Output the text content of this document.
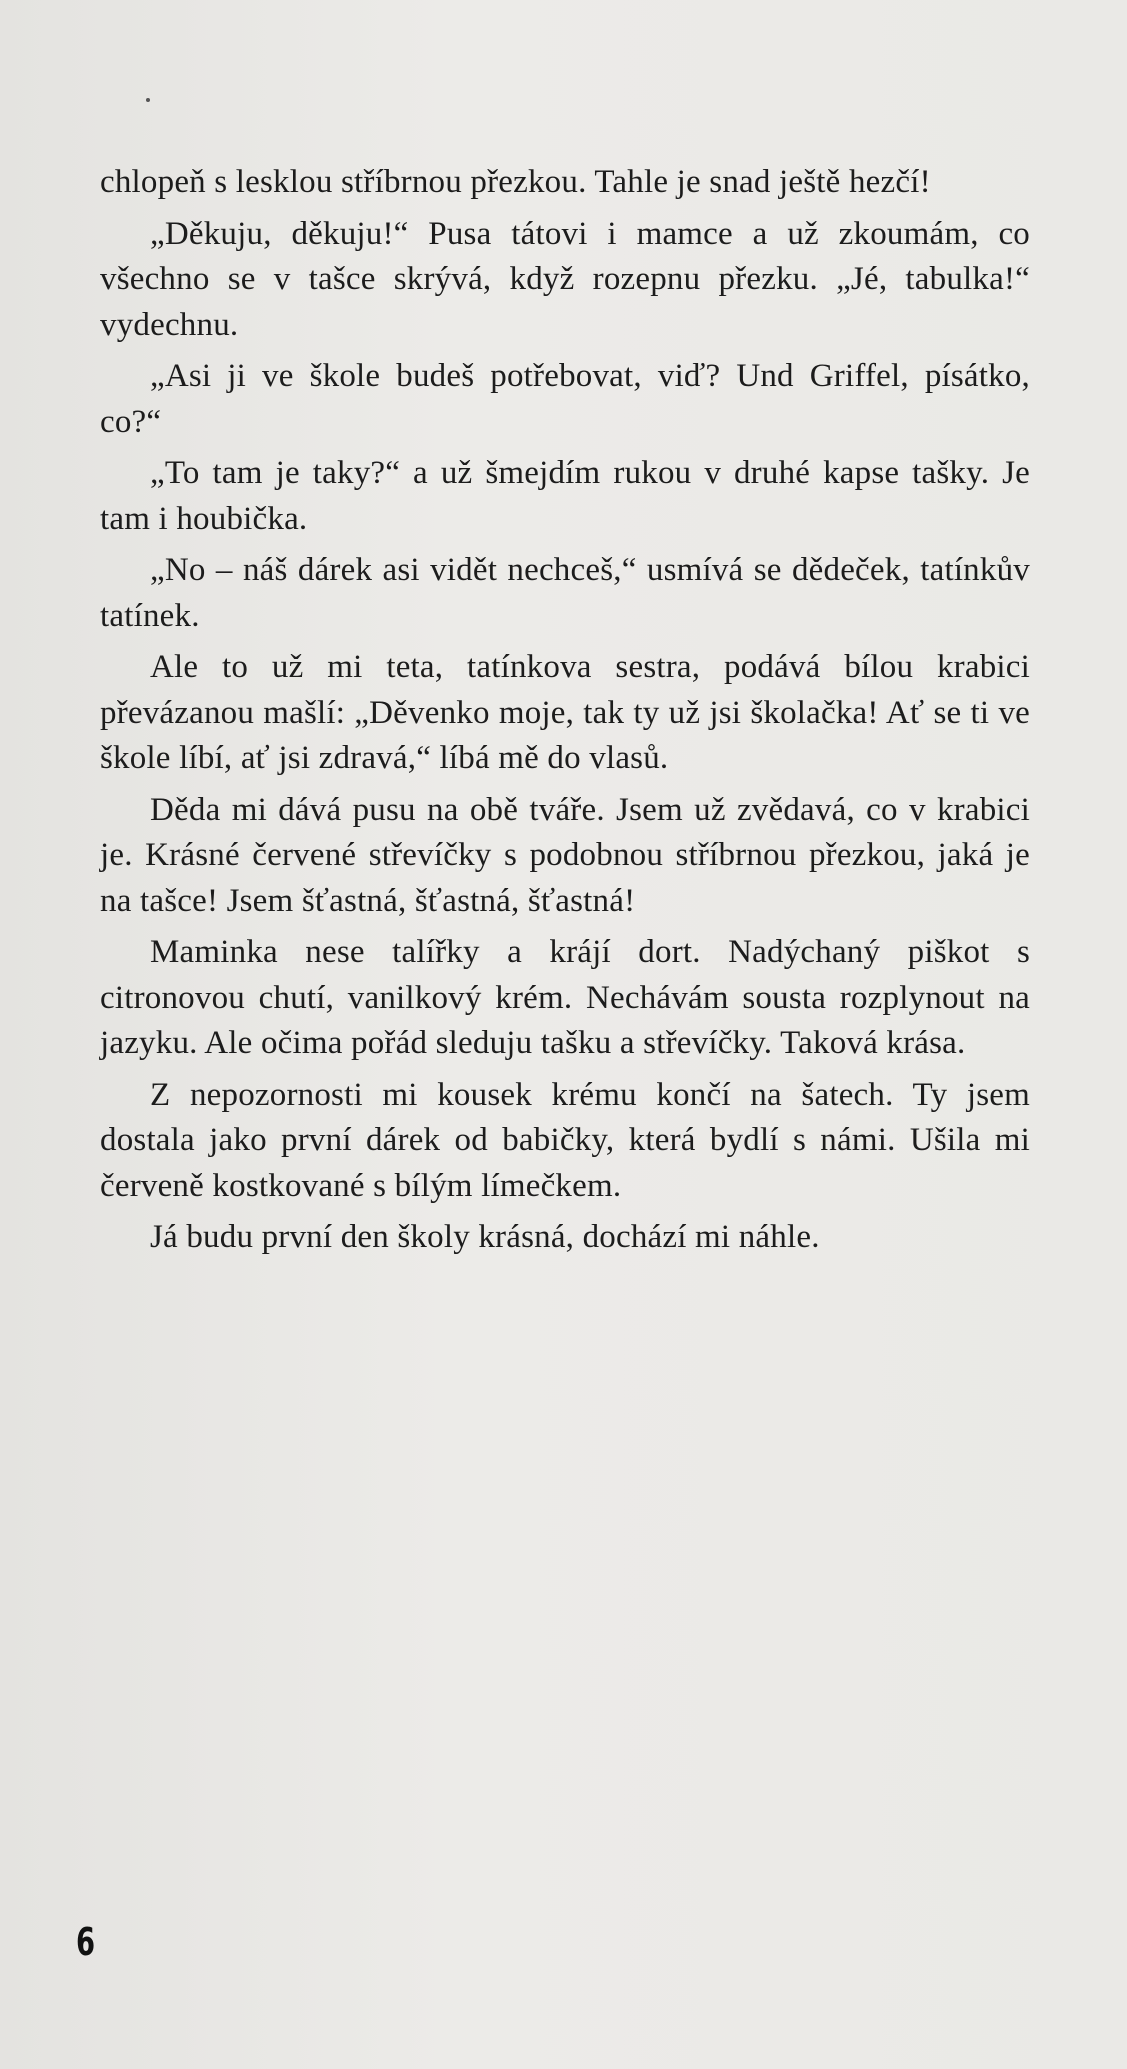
chlopeň s lesklou stříbrnou přezkou. Tahle je snad ještě hezčí!

„Děkuju, děkuju!“ Pusa tátovi i mamce a už zkoumám, co všechno se v tašce skrývá, když rozepnu přezku. „Jé, tabulka!“ vydechnu.

„Asi ji ve škole budeš potřebovat, viď? Und Griffel, písátko, co?“

„To tam je taky?“ a už šmejdím rukou v druhé kapse tašky. Je tam i houbička.

„No – náš dárek asi vidět nechceš,“ usmívá se dědeček, tatínkův tatínek.

Ale to už mi teta, tatínkova sestra, podává bílou krabici převázanou mašlí: „Děvenko moje, tak ty už jsi školačka! Ať se ti ve škole líbí, ať jsi zdravá,“ líbá mě do vlasů.

Děda mi dává pusu na obě tváře. Jsem už zvědavá, co v krabici je. Krásné červené střevíčky s podobnou stříbrnou přezkou, jaká je na tašce! Jsem šťastná, šťastná, šťastná!

Maminka nese talířky a krájí dort. Nadýchaný piškot s citronovou chutí, vanilkový krém. Nechávám sousta rozplynout na jazyku. Ale očima pořád sleduju tašku a střevíčky. Taková krása.

Z nepozornosti mi kousek krému končí na šatech. Ty jsem dostala jako první dárek od babičky, která bydlí s námi. Ušila mi červeně kostkované s bílým límečkem.

Já budu první den školy krásná, dochází mi náhle.

6
